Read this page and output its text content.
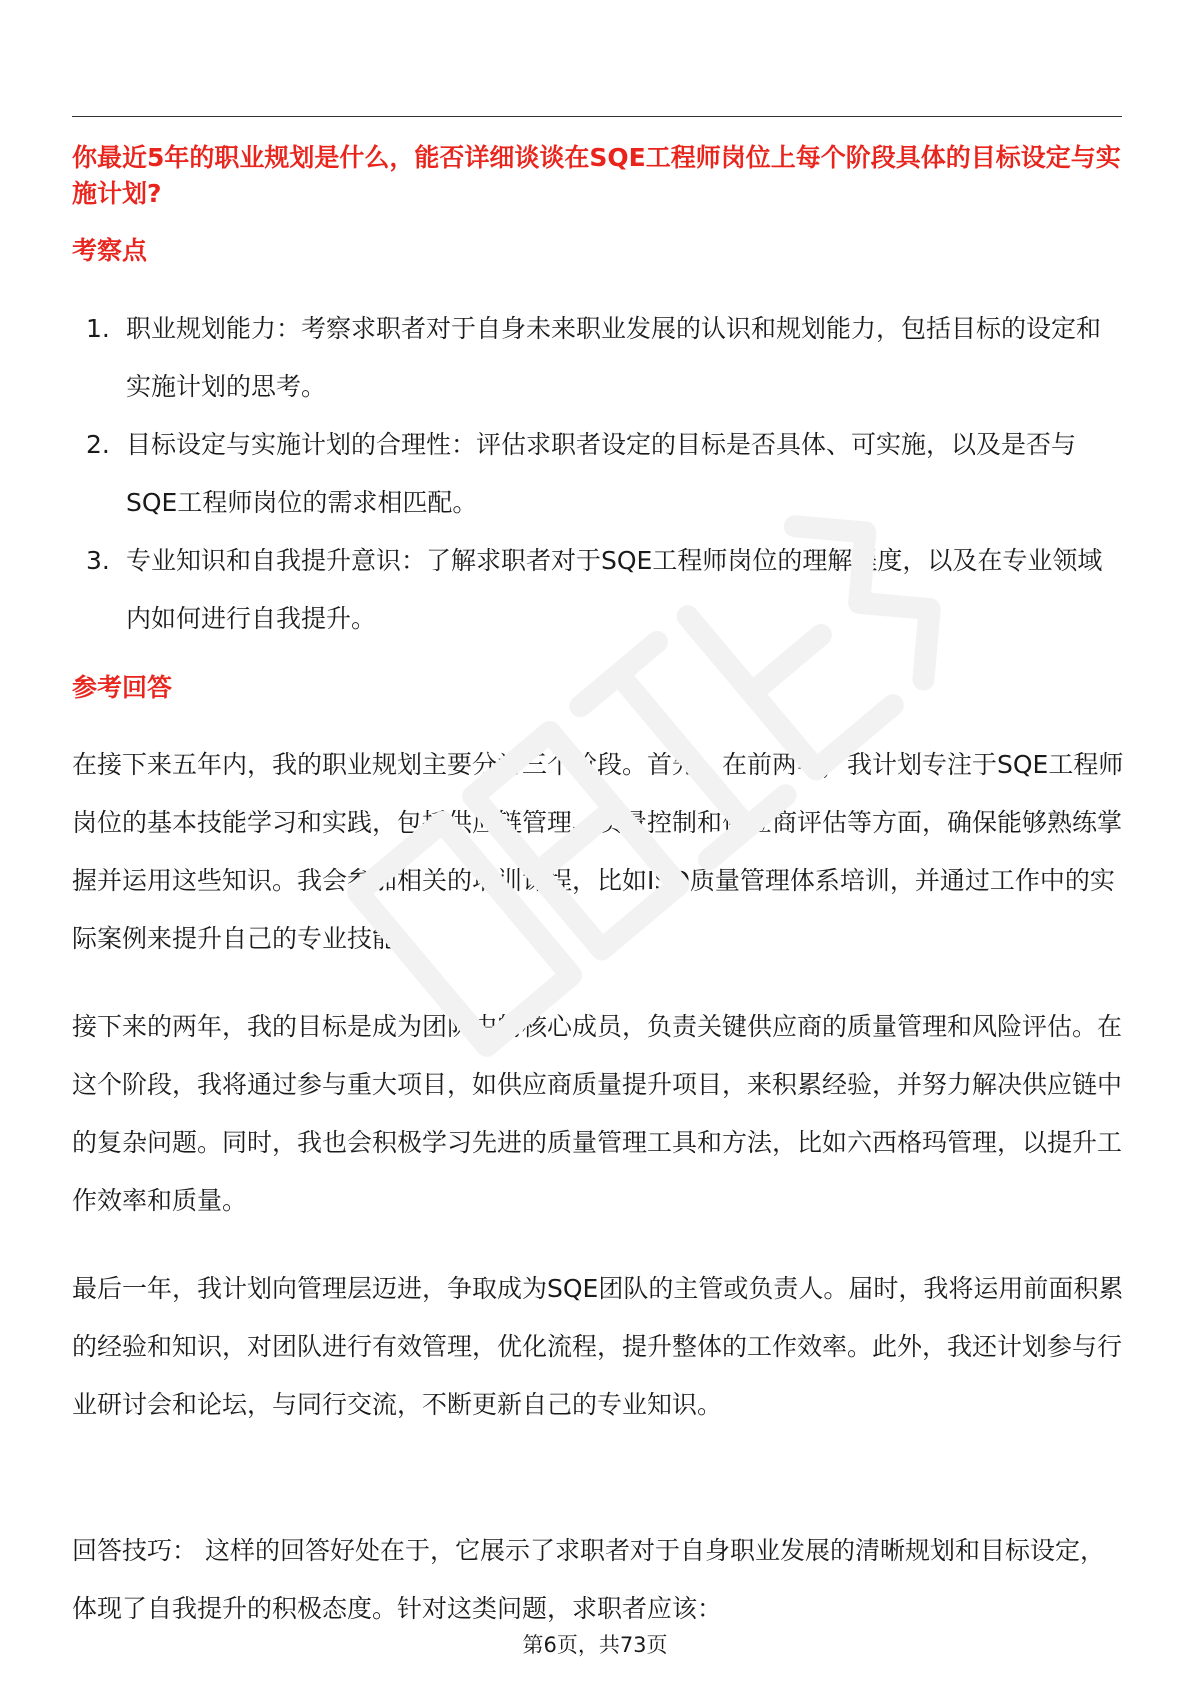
你最近5年的职业规划是什么，能否详细谈谈在SQE工程师岗位上每个阶段具体的目标设定与实施计划?
考察点
1. 职业规划能力：考察求职者对于自身未来职业发展的认识和规划能力，包括目标的设定和实施计划的思考。
2. 目标设定与实施计划的合理性：评估求职者设定的目标是否具体、可实施，以及是否与SQE工程师岗位的需求相匹配。
3. 专业知识和自我提升意识：了解求职者对于SQE工程师岗位的理解程度，以及在专业领域内如何进行自我提升。
参考回答

在接下来五年内，我的职业规划主要分为三个阶段。首先，在前两年，我计划专注于SQE工程师岗位的基本技能学习和实践，包括供应链管理、质量控制和供应商评估等方面，确保能够熟练掌握并运用这些知识。我会参加相关的培训课程，比如ISO质量管理体系培训，并通过工作中的实际案例来提升自己的专业技能。

接下来的两年，我的目标是成为团队中的核心成员，负责关键供应商的质量管理和风险评估。在这个阶段，我将通过参与重大项目，如供应商质量提升项目，来积累经验，并努力解决供应链中的复杂问题。同时，我也会积极学习先进的质量管理工具和方法，比如六西格玛管理，以提升工作效率和质量。

最后一年，我计划向管理层迈进，争取成为SQE团队的主管或负责人。届时，我将运用前面积累的经验和知识，对团队进行有效管理，优化流程，提升整体的工作效率。此外，我还计划参与行业研讨会和论坛，与同行交流，不断更新自己的专业知识。

回答技巧： 这样的回答好处在于，它展示了求职者对于自身职业发展的清晰规划和目标设定，体现了自我提升的积极态度。针对这类问题，求职者应该：

第6页，共73页
